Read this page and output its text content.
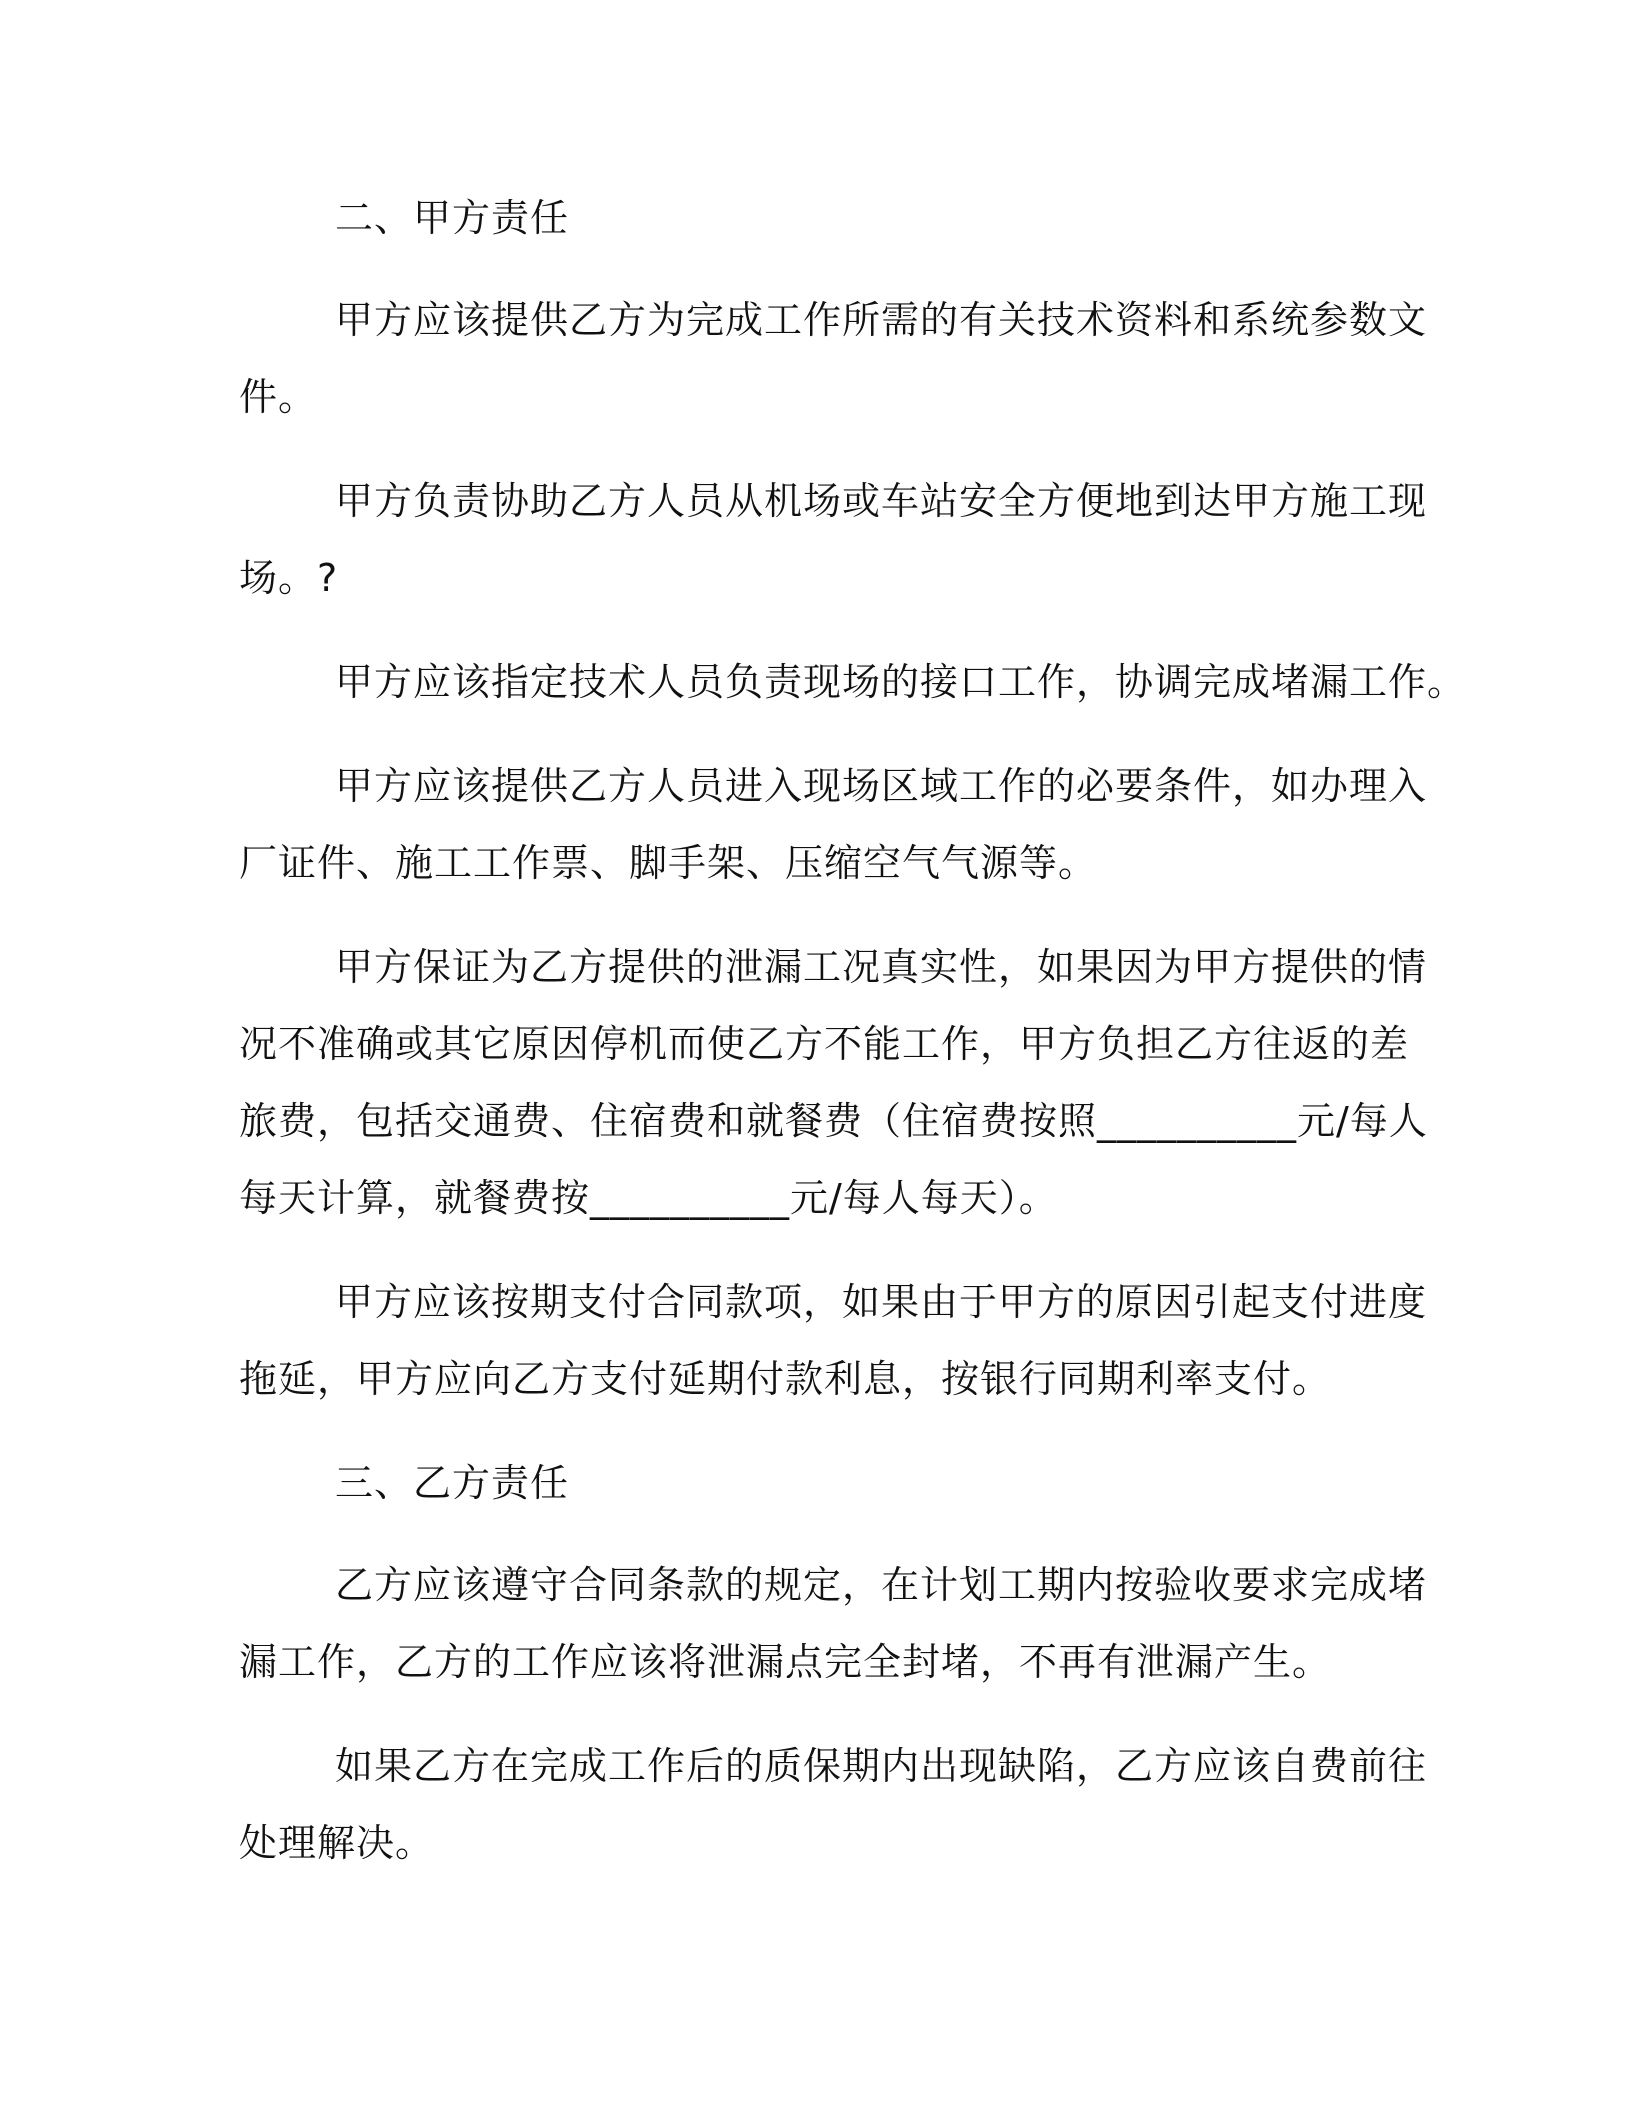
二、甲方责任
甲方应该提供乙方为完成工作所需的有关技术资料和系统参数文
件。
甲方负责协助乙方人员从机场或车站安全方便地到达甲方施工现
场。?
甲方应该指定技术人员负责现场的接口工作，协调完成堵漏工作。
甲方应该提供乙方人员进入现场区域工作的必要条件，如办理入
厂证件、施工工作票、脚手架、压缩空气气源等。
甲方保证为乙方提供的泄漏工况真实性，如果因为甲方提供的情
况不准确或其它原因停机而使乙方不能工作，甲方负担乙方往返的差
旅费，包括交通费、住宿费和就餐费（住宿费按照__________元/每人
每天计算，就餐费按__________元/每人每天）。
甲方应该按期支付合同款项，如果由于甲方的原因引起支付进度
拖延，甲方应向乙方支付延期付款利息，按银行同期利率支付。
三、乙方责任
乙方应该遵守合同条款的规定，在计划工期内按验收要求完成堵
漏工作，乙方的工作应该将泄漏点完全封堵，不再有泄漏产生。
如果乙方在完成工作后的质保期内出现缺陷，乙方应该自费前往
处理解决。
